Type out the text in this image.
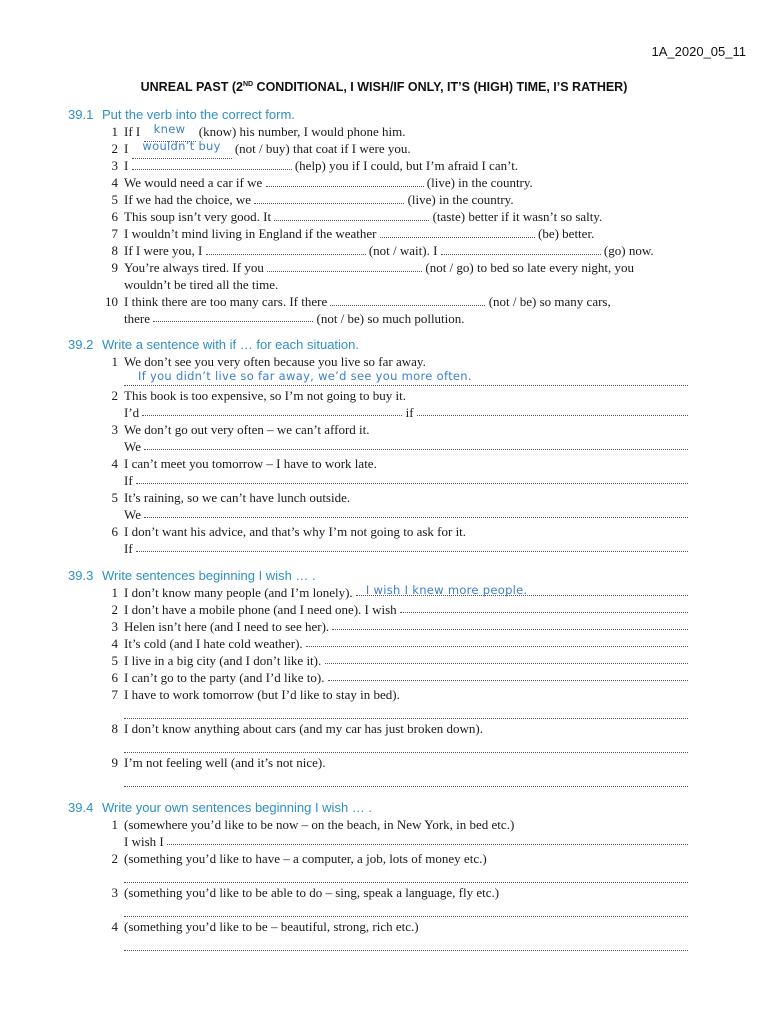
1A_2020_05_11
UNREAL PAST (2ND CONDITIONAL, I WISH/IF ONLY, IT’S (HIGH) TIME, I’S RATHER)
39.1 Put the verb into the correct form.
1 If I knew (know) his number, I would phone him.
2 I wouldn’t buy (not / buy) that coat if I were you.
3 I	(help) you if I could, but I’m afraid I can’t.
4 We would need a car if we	(live) in the country.
5 If we had the choice, we	(live) in the country.
6 This soup isn’t very good. It	(taste) better if it wasn’t so salty.
7 I wouldn’t mind living in England if the weather	(be) better.
8 If I were you, I	(not / wait). I	(go) now.
9 You’re always tired. If you	(not / go) to bed so late every night, you
wouldn’t be tired all the time.
10 I think there are too many cars. If there	(not / be) so many cars,
there

	(not / be) so much pollution.
39.2 Write a sentence with if … for each situation.
1 We don’t see you very often because you live so far away.
If you didn’t live so far away, we’d see you more often.
2 This book is too expensive, so I’m not going to buy it.
I’d

	if

3 We don’t go out very often – we can’t afford it.
We

4 I can’t meet you tomorrow – I have to work late.
If

5 It’s raining, so we can’t have lunch outside.
We

6 I don’t want his advice, and that’s why I’m not going to ask for it.
If

39.3 Write sentences beginning I wish … .
1 I don’t know many people (and I’m lonely).
	I wish I knew more people.
2 I don’t have a mobile phone (and I need one). I wish

3 Helen isn’t here (and I need to see her).

4 It’s cold (and I hate cold weather).

5 I live in a big city (and I don’t like it).

6 I can’t go to the party (and I’d like to).

7 I have to work tomorrow (but I’d like to stay in bed).
8 I don’t know anything about cars (and my car has just broken down).
9 I’m not feeling well (and it’s not nice).
39.4 Write your own sentences beginning I wish … .
1 (somewhere you’d like to be now – on the beach, in New York, in bed etc.)
I wish I

2 (something you’d like to have – a computer, a job, lots of money etc.)
3 (something you’d like to be able to do – sing, speak a language, fly etc.)
4 (something you’d like to be – beautiful, strong, rich etc.)
